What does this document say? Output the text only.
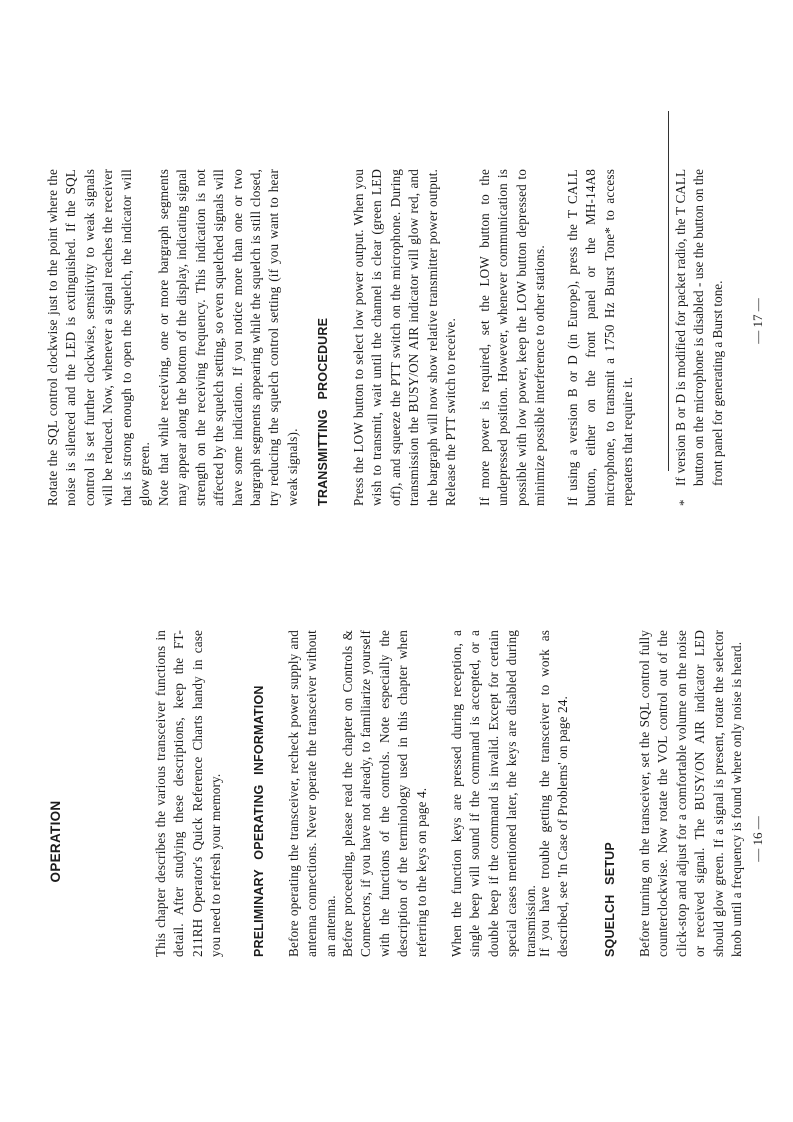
OPERATION	This chapter describes the various transceiver functions in detail. After studying these descriptions, keep the FT-211RH Operator's Quick Reference Charts handy in case you need to refresh your memory. PRELIMINARY OPERATING INFORMATION Before operating the transceiver, recheck power supply and antenna connections. Never operate the transceiver without an antenna. Before proceeding, please read the chapter on Controls & Connectors, if you have not already, to familiarize yourself with the functions of the controls. Note especially the description of the terminology used in this chapter when referring to the keys on page 4. When the function keys are pressed during reception, a single beep will sound if the command is accepted, or a double beep if the command is invalid. Except for certain special cases mentioned later, the keys are disabled during transmission. If you have trouble getting the transceiver to work as described, see 'In Case of Problems' on page 24.	SQUELCH SETUP Before turning on the transceiver, set the SQL control fully counterclockwise. Now rotate the VOL control out of the click-stop and adjust for a comfortable volume on the noise or received signal. The BUSY/ON AIR indicator LED should glow green. If a signal is present, rotate the selector knob until a frequency is found where only noise is heard. — 16 —
Rotate the SQL control clockwise just to the point where the noise is silenced and the LED is extinguished. If the SQL control is set further clockwise, sensitivity to weak signals will be reduced. Now, whenever a signal reaches the receiver that is strong enough to open the squelch, the indicator will glow green. Note that while receiving, one or more bargraph segments may appear along the bottom of the display, indicating signal strength on the receiving frequency. This indication is not affected by the squelch setting, so even squelched signals will have some indication. If you notice more than one or two bargraph segments appearing while the squelch is still closed, try reducing the squelch control setting (if you want to hear weak signals). TRANSMITTING PROCEDURE Press the LOW button to select low power output. When you wish to transmit, wait until the channel is clear (green LED off), and squeeze the PTT switch on the microphone. During transmission the BUSY/ON AIR indicator will glow red, and the bargraph will now show relative transmitter power output. Release the PTT switch to receive. If more power is required, set the LOW button to the undepressed position. However, whenever communication is possible with low power, keep the LOW button depressed to minimize possible interference to other stations. If using a version B or D (in Europe), press the T CALL button, either on the front panel or the MH-14A8 microphone, to transmit a 1750 Hz Burst Tone* to access repeaters that require it.	*
If version B or D is modified for packet radio, the T CALL button on the microphone is disabled - use the button on the front panel for generating a Burst tone. — 17 —
